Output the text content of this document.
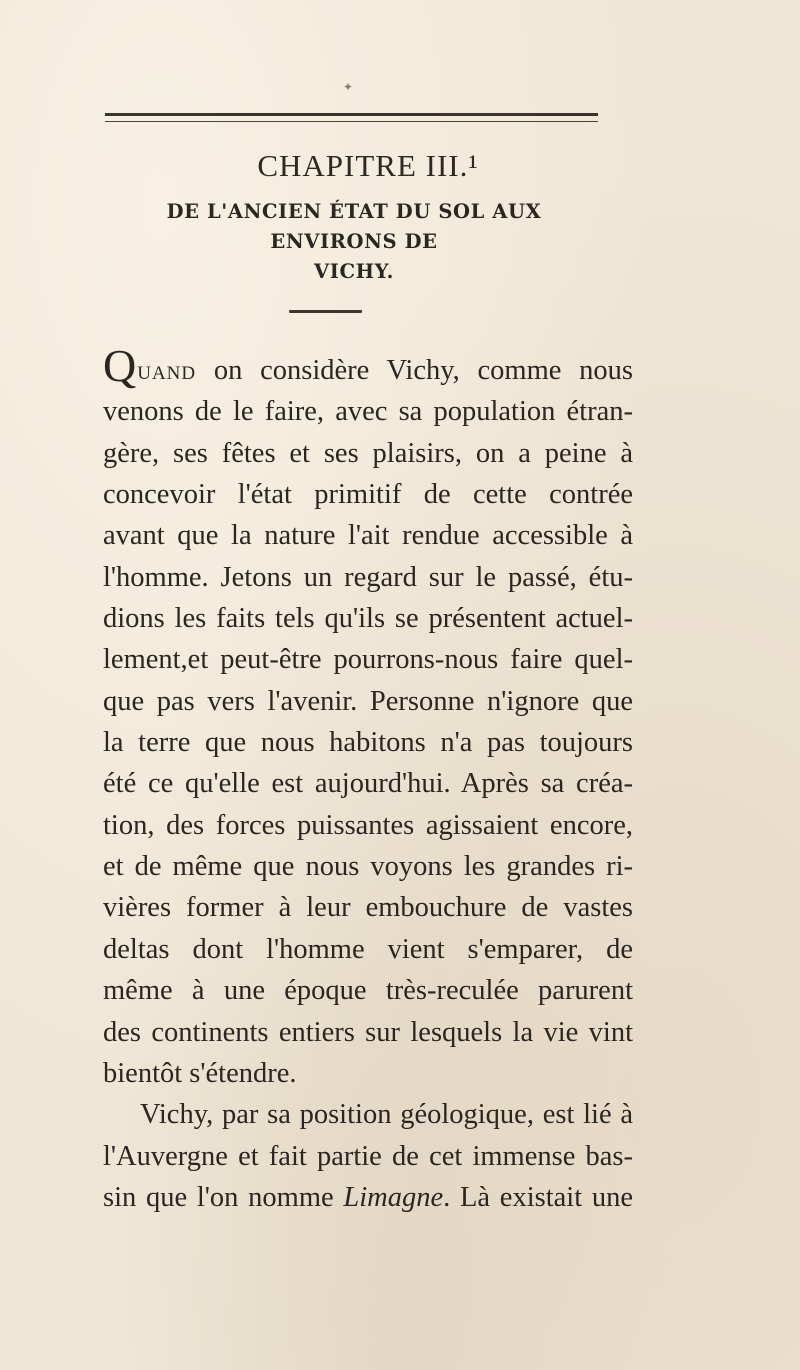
✦
CHAPITRE III.¹
DE L'ANCIEN ÉTAT DU SOL AUX ENVIRONS DE
VICHY.
QUAND on considère Vichy, comme nous
venons de le faire, avec sa population étran-
gère, ses fêtes et ses plaisirs, on a peine à
concevoir l'état primitif de cette contrée
avant que la nature l'ait rendue accessible à
l'homme. Jetons un regard sur le passé, étu-
dions les faits tels qu'ils se présentent actuel-
lement,et peut-être pourrons-nous faire quel-
que pas vers l'avenir. Personne n'ignore que
la terre que nous habitons n'a pas toujours
été ce qu'elle est aujourd'hui. Après sa créa-
tion, des forces puissantes agissaient encore,
et de même que nous voyons les grandes ri-
vières former à leur embouchure de vastes
deltas dont l'homme vient s'emparer, de
même à une époque très-reculée parurent
des continents entiers sur lesquels la vie vint
bientôt s'étendre.
Vichy, par sa position géologique, est lié à
l'Auvergne et fait partie de cet immense bas-
sin que l'on nomme Limagne. Là existait une
